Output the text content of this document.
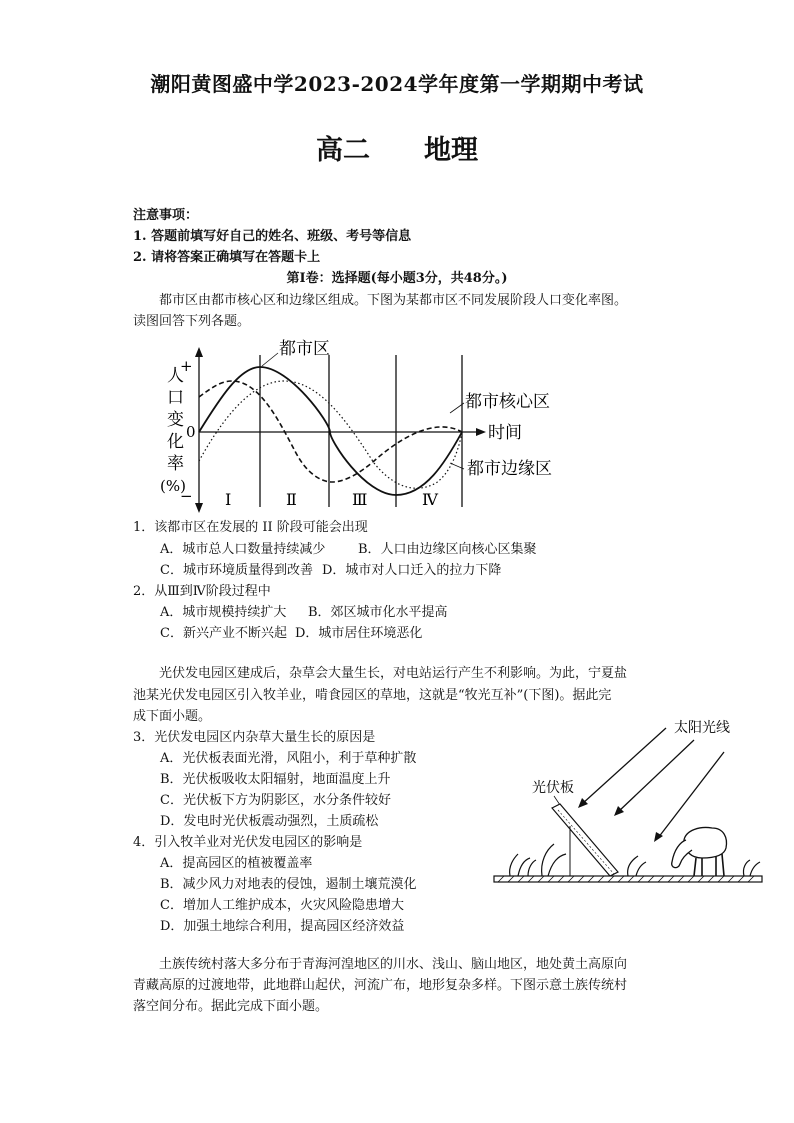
潮阳黄图盛中学2023-2024学年度第一学期期中考试
高二　　地理
注意事项：
1. 答题前填写好自己的姓名、班级、考号等信息
2. 请将答案正确填写在答题卡上
第Ⅰ卷：选择题(每小题3分，共48分。)
　　都市区由都市核心区和边缘区组成。下图为某都市区不同发展阶段人口变化率图。
读图回答下列各题。
都市区
都市核心区
都市边缘区
时间
+
0
−
人
口
变
化
率
(%)
Ⅰ	Ⅱ	Ⅲ	Ⅳ
1．该都市区在发展的 II 阶段可能会出现
A．城市总人口数量持续减少	B．人口由边缘区向核心区集聚
C．城市环境质量得到改善 D．城市对人口迁入的拉力下降
2．从Ⅲ到Ⅳ阶段过程中
A．城市规模持续扩大 B．郊区城市化水平提高
C．新兴产业不断兴起 D．城市居住环境恶化
　　光伏发电园区建成后，杂草会大量生长，对电站运行产生不利影响。为此，宁夏盐
池某光伏发电园区引入牧羊业，啃食园区的草地，这就是“牧光互补”(下图)。据此完
成下面小题。
3．光伏发电园区内杂草大量生长的原因是
A．光伏板表面光滑，风阻小，利于草种扩散
B．光伏板吸收太阳辐射，地面温度上升
C．光伏板下方为阴影区，水分条件较好
D．发电时光伏板震动强烈，土质疏松
4．引入牧羊业对光伏发电园区的影响是
A．提高园区的植被覆盖率
B．减少风力对地表的侵蚀，遏制土壤荒漠化
C．增加人工维护成本，火灾风险隐患增大
D．加强土地综合利用，提高园区经济效益
太阳光线
光伏板
　　土族传统村落大多分布于青海河湟地区的川水、浅山、脑山地区，地处黄土高原向
青藏高原的过渡地带，此地群山起伏，河流广布，地形复杂多样。下图示意土族传统村
落空间分布。据此完成下面小题。
